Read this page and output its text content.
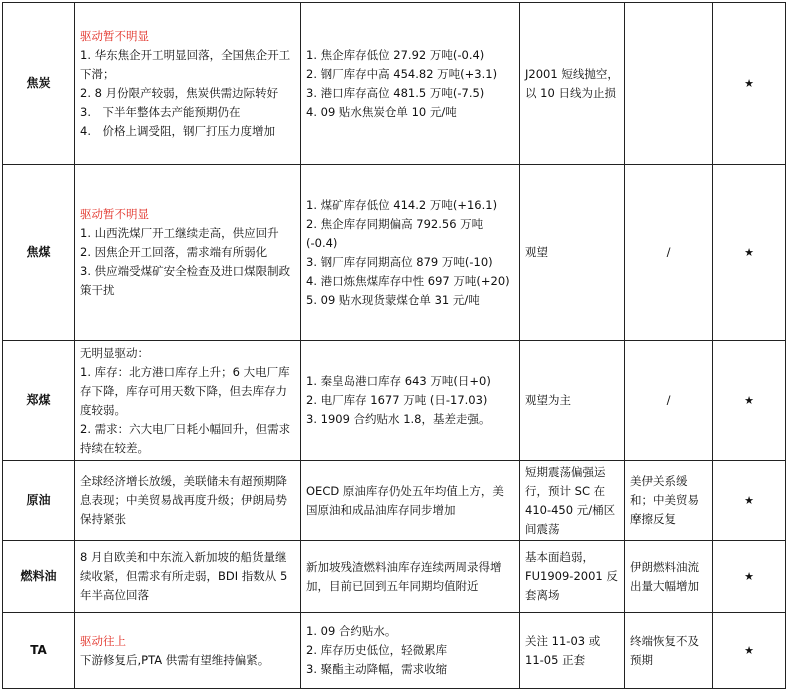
焦炭	驱动暂不明显
1. 华东焦企开工明显回落，全国焦企开工下滑；
2. 8 月份限产较弱，焦炭供需边际转好
3.　下半年整体去产能预期仍在
4.　价格上调受阻，钢厂打压力度增加	1. 焦企库存低位 27.92 万吨(-0.4)
2. 钢厂库存中高 454.82 万吨(+3.1)
3. 港口库存高位 481.5 万吨(-7.5)
4. 09 贴水焦炭仓单 10 元/吨	J2001 短线抛空，以 10 日线为止损		★
焦煤	驱动暂不明显
1. 山西洗煤厂开工继续走高，供应回升
2. 因焦企开工回落，需求端有所弱化
3. 供应端受煤矿安全检查及进口煤限制政策干扰	1. 煤矿库存低位 414.2 万吨(+16.1)
2. 焦企库存同期偏高 792.56 万吨(-0.4)
3. 钢厂库存同期高位 879 万吨(-10)
4. 港口炼焦煤库存中性 697 万吨(+20)
5. 09 贴水现货蒙煤仓单 31 元/吨	观望	/	★
郑煤	无明显驱动：
1. 库存：北方港口库存上升；6 大电厂库存下降，库存可用天数下降，但去库存力度较弱。
2. 需求：六大电厂日耗小幅回升，但需求持续在较差。	1. 秦皇岛港口库存 643 万吨(日+0)
2. 电厂库存 1677 万吨 (日-17.03)
3. 1909 合约贴水 1.8，基差走强。	观望为主	/	★
原油	全球经济增长放缓，美联储未有超预期降息表现；中美贸易战再度升级；伊朗局势保持紧张	OECD 原油库存仍处五年均值上方，美国原油和成品油库存同步增加	短期震荡偏强运行，预计 SC 在 410-450 元/桶区间震荡	美伊关系缓和；中美贸易摩擦反复	★
燃料油	8 月自欧美和中东流入新加坡的船货量继续收紧，但需求有所走弱，BDI 指数从 5 年半高位回落	新加坡残渣燃料油库存连续两周录得增加，目前已回到五年同期均值附近	基本面趋弱，FU1909-2001 反套离场	伊朗燃料油流出量大幅增加	★
TA	驱动往上
下游修复后,PTA 供需有望维持偏紧。	1. 09 合约贴水。
2. 库存历史低位，轻微累库
3. 聚酯主动降幅，需求收缩	关注 11-03 或 11-05 正套	终端恢复不及预期	★
